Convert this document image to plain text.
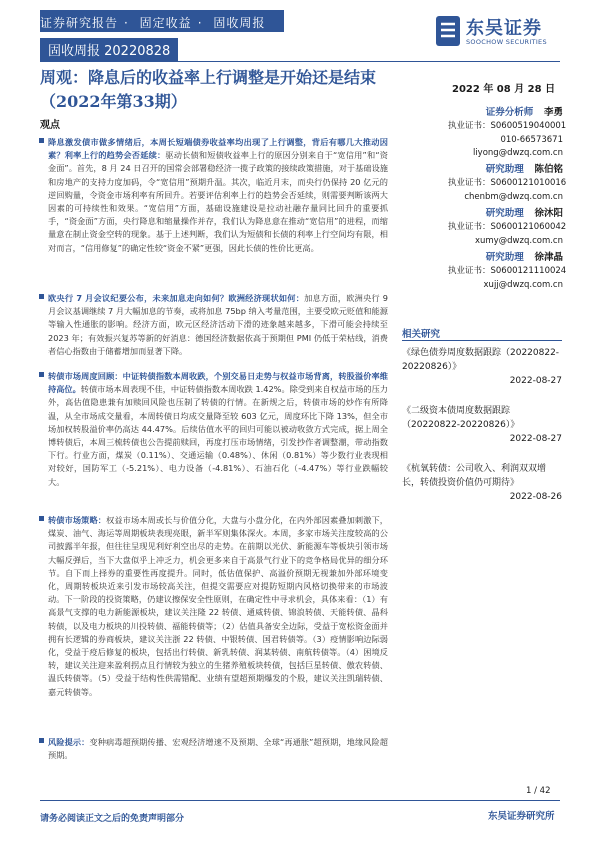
证券研究报告 · 固定收益 · 固收周报
固收周报 20220828
东吴证券
SOOCHOW SECURITIES
周观：降息后的收益率上行调整是开始还是结束（2022年第33期）
观点
2022 年 08 月 28 日
证券分析师 李勇
执业证书：S0600519040001
010-66573671
liyong@dwzq.com.cn
研究助理 陈伯铭
执业证书：S0600121010016
chenbm@dwzq.com.cn
研究助理 徐沐阳
执业证书：S0600121060042
xumy@dwzq.com.cn
研究助理 徐津晶
执业证书：S0600121110024
xujj@dwzq.com.cn
相关研究
《绿色债券周度数据跟踪（20220822-20220826）》
2022-08-27
《二级资本债周度数据跟踪（20220822-20220826）》
2022-08-27
《杭氧转债：公司收入、利润双双增长，转债投资价值仍可期待》
2022-08-26
降息激发债市做多情绪后，本周长短端债券收益率均出现了上行调整，背后有哪几大推动因素？利率上行的趋势会否延续：驱动长债和短债收益率上行的原因分别来自于“宽信用”和“资金面”。首先，8 月 24 日召开的国常会部署稳经济一揽子政策的接续政策措施，对于基础设施和房地产的支持力度加码，令“宽信用”预期升温。其次，临近月末，而央行仍保持 20 亿元的逆回购量，令资金市场利率有所回升。若要评估利率上行的趋势会否延续，则需要判断该两大因素的可持续性和效果。“宽信用”方面，基础设施建设是拉动社融存量同比回升的重要抓手，“资金面”方面，央行降息和缩量操作并存，我们认为降息意在推动“宽信用”的进程，而缩量意在制止资金空转的现象。基于上述判断，我们认为短债和长债的利率上行空间均有限，相对而言，“信用修复”的确定性较“资金不紧”更强，因此长债的性价比更高。
欧央行 7 月会议纪要公布，未来加息走向如何？欧洲经济现状如何：加息方面，欧洲央行 9 月会议基调继续 7 月大幅加息的节奏，或将加息 75bp 纳入考量范围，主要受欧元贬值和能源等输入性通胀的影响。经济方面，欧元区经济活动下滑的迹象越来越多，下滑可能会持续至 2023 年；有效振兴复苏等新的好消息：德国经济数据依高于预期但 PMI 仍低于荣枯线，消费者信心指数由于储蓄增加而显著下降。
转债市场周度回顾：中证转债指数本周收跌，个别交易日走势与权益市场背离，转股溢价率维持高位。转债市场本周表现不佳，中证转债指数本周收跌 1.42%。除受到来自权益市场的压力外，高估值隐患兼有加赎回风险也压制了转债的行情。在新规之后，转债市场的炒作有所降温，从全市场成交量看，本周转债日均成交量降至较 603 亿元，周度环比下降 13%，但全市场加权转股溢价率仍高达 44.47%。后续估值水平的回归可能以被动收敛方式完成，据上周全博转债后，本周三梳转债也公告提前赎回，再度打压市场情绪，引发抄作者调整潮，带动指数下行。行业方面，煤炭（0.11%）、交通运输（0.48%）、休闲（0.81%）等少数行业表现相对较好，国防军工（-5.21%）、电力设备（-4.81%）、石油石化（-4.47%）等行业跌幅较大。
转债市场策略：权益市场本周或长与价值分化，大盘与小盘分化，在内外部因素叠加刺激下，煤炭、油气、海运等周期板块表现亮眼，新半军则集体深火。本周，多家市场关注度较高的公司披露半年报，但往往呈现见利好利空出尽的走势。在前期以光伏、新能源车等板块引领市场大幅反弹后，当下大盘似乎上冲乏力，机会更多来自于高景气行业下的竞争格局优异的细分环节。自下而上择券的重要性再度提升。同时，低估值保护、高溢价预期无视兼加外部环境变化，周期转板块近来引发市场较高关注，但提交需要应对提防短期内风格切换带来的市场波动。下一阶段的投资策略，仍建议擦保安全性原则，在确定性中寻求机会，具体来看：（1）有高景气支撑的电力新能源板块，建议关注隆 22 转债、通威转债、锦浪转债、天能转债、晶科转债，以及电力板块的川投转债、福能转债等；（2）估值具备安全边际，受益于宽松资金面并拥有长逻辑的券商板块，建议关注浙 22 转债、中银转债、国君转债等。（3）疫情影响边际弱化，受益于疫后修复的板块，包括出行转债、新乳转债、润某转债、南航转债等。（4）困境反转，建议关注迎来盈利拐点且行情较为独立的生猪养殖板块转债，包括巨星转债、傲农转债、温氏转债等。（5）受益于结构性供需错配、业绩有望超预期爆发的个股，建议关注凯瑞转债、嘉元转债等。
风险提示：变种病毒超预期传播、宏观经济增速不及预期、全球“再通胀”超预期，地缘风险超预期。
1 / 42
请务必阅读正文之后的免责声明部分	东吴证券研究所
